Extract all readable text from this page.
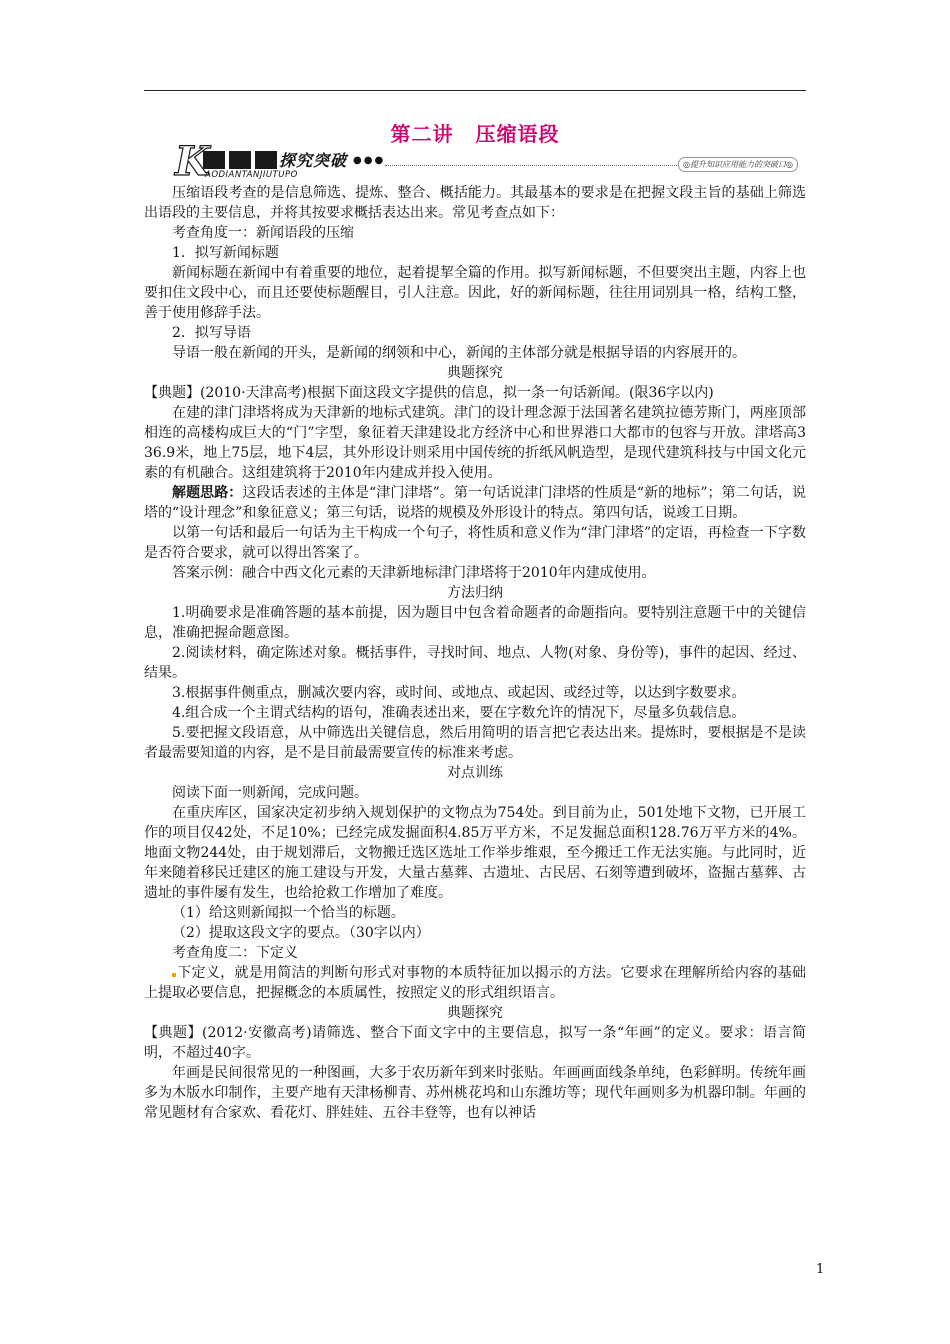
第二讲 压缩语段
K	探究突破 ●●●
AODIANTANJIUTUPO
◎提升知识应用能力的突破口◎

压缩语段考查的是信息筛选、提炼、整合、概括能力。其最基本的要求是在把握文段主旨的基础上筛选出语段的主要信息，并将其按要求概括表达出来。常见考查点如下：

考查角度一：新闻语段的压缩

1．拟写新闻标题

新闻标题在新闻中有着重要的地位，起着提挈全篇的作用。拟写新闻标题，不但要突出主题，内容上也要扣住文段中心，而且还要使标题醒目，引人注意。因此，好的新闻标题，往往用词别具一格，结构工整，善于使用修辞手法。

2．拟写导语

导语一般在新闻的开头，是新闻的纲领和中心，新闻的主体部分就是根据导语的内容展开的。

典题探究

【典题】(2010·天津高考)根据下面这段文字提供的信息，拟一条一句话新闻。(限36字以内)

在建的津门津塔将成为天津新的地标式建筑。津门的设计理念源于法国著名建筑拉德芳斯门，两座顶部相连的高楼构成巨大的“门”字型，象征着天津建设北方经济中心和世界港口大都市的包容与开放。津塔高336.9米，地上75层，地下4层，其外形设计则采用中国传统的折纸风帆造型，是现代建筑科技与中国文化元素的有机融合。这组建筑将于2010年内建成并投入使用。

解题思路：这段话表述的主体是“津门津塔”。第一句话说津门津塔的性质是“新的地标”；第二句话，说塔的“设计理念”和象征意义；第三句话，说塔的规模及外形设计的特点。第四句话，说竣工日期。

以第一句话和最后一句话为主干构成一个句子，将性质和意义作为“津门津塔”的定语，再检查一下字数是否符合要求，就可以得出答案了。

答案示例：融合中西文化元素的天津新地标津门津塔将于2010年内建成使用。

方法归纳

1.明确要求是准确答题的基本前提，因为题目中包含着命题者的命题指向。要特别注意题干中的关键信息，准确把握命题意图。

2.阅读材料，确定陈述对象。概括事件，寻找时间、地点、人物(对象、身份等)，事件的起因、经过、结果。

3.根据事件侧重点，删减次要内容，或时间、或地点、或起因、或经过等，以达到字数要求。

4.组合成一个主谓式结构的语句，准确表述出来，要在字数允许的情况下，尽量多负载信息。

5.要把握文段语意，从中筛选出关键信息，然后用简明的语言把它表达出来。提炼时，要根据是不是读者最需要知道的内容，是不是目前最需要宣传的标准来考虑。

对点训练

阅读下面一则新闻，完成问题。

在重庆库区，国家决定初步纳入规划保护的文物点为754处。到目前为止，501处地下文物，已开展工作的项目仅42处，不足10%；已经完成发掘面积4.85万平方米，不足发掘总面积128.76万平方米的4%。地面文物244处，由于规划滞后，文物搬迁选区选址工作举步维艰，至今搬迁工作无法实施。与此同时，近年来随着移民迁建区的施工建设与开发，大量古墓葬、古遗址、古民居、石刻等遭到破坏，盗掘古墓葬、古遗址的事件屡有发生，也给抢救工作增加了难度。

（1）给这则新闻拟一个恰当的标题。

（2）提取这段文字的要点。（30字以内）

考查角度二：下定义

下定义，就是用简洁的判断句形式对事物的本质特征加以揭示的方法。它要求在理解所给内容的基础上提取必要信息，把握概念的本质属性，按照定义的形式组织语言。

典题探究

【典题】(2012·安徽高考)请筛选、整合下面文字中的主要信息，拟写一条“年画”的定义。要求：语言简明，不超过40字。

年画是民间很常见的一种图画，大多于农历新年到来时张贴。年画画面线条单纯，色彩鲜明。传统年画多为木版水印制作，主要产地有天津杨柳青、苏州桃花坞和山东潍坊等；现代年画则多为机器印制。年画的常见题材有合家欢、看花灯、胖娃娃、五谷丰登等，也有以神话

1
